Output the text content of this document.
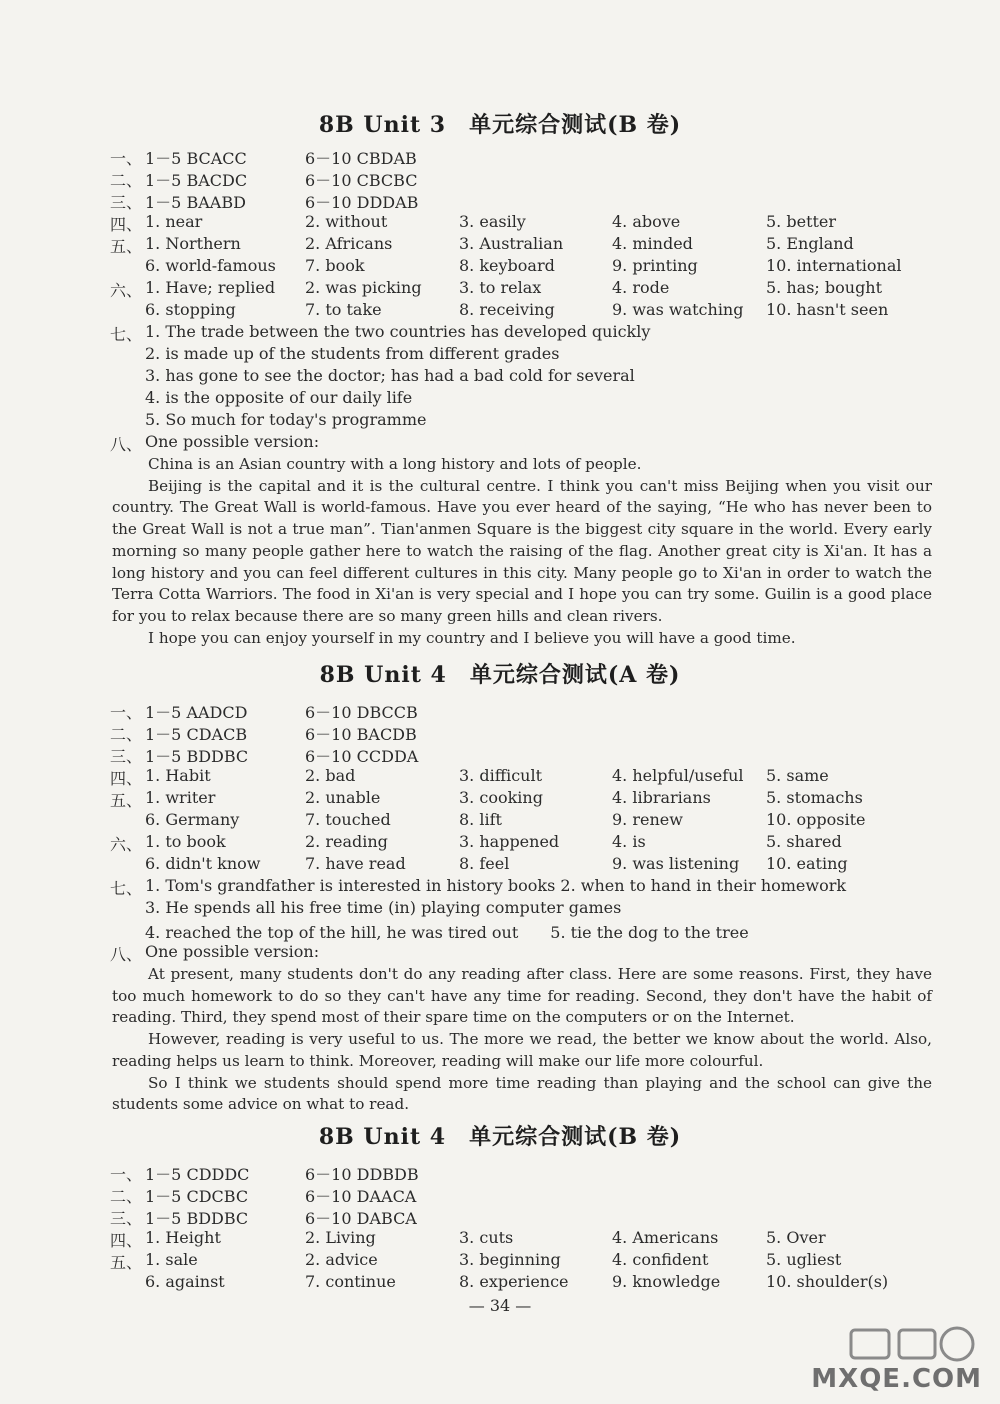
8B Unit 3　单元综合测试(B 卷)
一、 1－5 BCACC	6－10 CBDAB
二、 1－5 BACDC	6－10 CBCBC
三、 1－5 BAABD	6－10 DDDAB
四、 1. near	2. without	3. easily	4. above	5. better
五、 1. Northern	2. Africans	3. Australian	4. minded	5. England
6. world-famous 7. book	8. keyboard	9. printing	10. international
六、 1. Have; replied 2. was picking 3. to relax	4. rode	5. has; bought
6. stopping	7. to take	8. receiving	9. was watching 10. hasn't seen
七、 1. The trade between the two countries has developed quickly
2. is made up of the students from different grades
3. has gone to see the doctor; has had a bad cold for several
4. is the opposite of our daily life
5. So much for today's programme
八、 One possible version:

China is an Asian country with a long history and lots of people.

Beijing is the capital and it is the cultural centre. I think you can't miss Beijing when you visit our country. The Great Wall is world-famous. Have you ever heard of the saying, “He who has never been to the Great Wall is not a true man”. Tian'anmen Square is the biggest city square in the world. Every early morning so many people gather here to watch the raising of the flag. Another great city is Xi'an. It has a long history and you can feel different cultures in this city. Many people go to Xi'an in order to watch the Terra Cotta Warriors. The food in Xi'an is very special and I hope you can try some. Guilin is a good place for you to relax because there are so many green hills and clean rivers.

I hope you can enjoy yourself in my country and I believe you will have a good time.

8B Unit 4　单元综合测试(A 卷)
一、 1－5 AADCD	6－10 DBCCB
二、 1－5 CDACB	6－10 BACDB
三、 1－5 BDDBC	6－10 CCDDA
四、 1. Habit	2. bad	3. difficult	4. helpful/useful 5. same
五、 1. writer	2. unable	3. cooking	4. librarians	5. stomachs
6. Germany	7. touched	8. lift	9. renew	10. opposite
六、 1. to book	2. reading	3. happened	4. is	5. shared
6. didn't know	7. have read	8. feel	9. was listening 10. eating
七、 1. Tom's grandfather is interested in history books 2. when to hand in their homework
3. He spends all his free time (in) playing computer games
4. reached the top of the hill, he was tired out　　5. tie the dog to the tree
八、 One possible version:

At present, many students don't do any reading after class. Here are some reasons. First, they have too much homework to do so they can't have any time for reading. Second, they don't have the habit of reading. Third, they spend most of their spare time on the computers or on the Internet.

However, reading is very useful to us. The more we read, the better we know about the world. Also, reading helps us learn to think. Moreover, reading will make our life more colourful.

So I think we students should spend more time reading than playing and the school can give the students some advice on what to read.

8B Unit 4　单元综合测试(B 卷)
一、 1－5 CDDDC	6－10 DDBDB
二、 1－5 CDCBC	6－10 DAACA
三、 1－5 BDDBC	6－10 DABCA
四、 1. Height	2. Living	3. cuts	4. Americans	5. Over
五、 1. sale	2. advice	3. beginning	4. confident	5. ugliest
6. against	7. continue	8. experience	9. knowledge	10. shoulder(s)
— 34 —
MXQE.COM
